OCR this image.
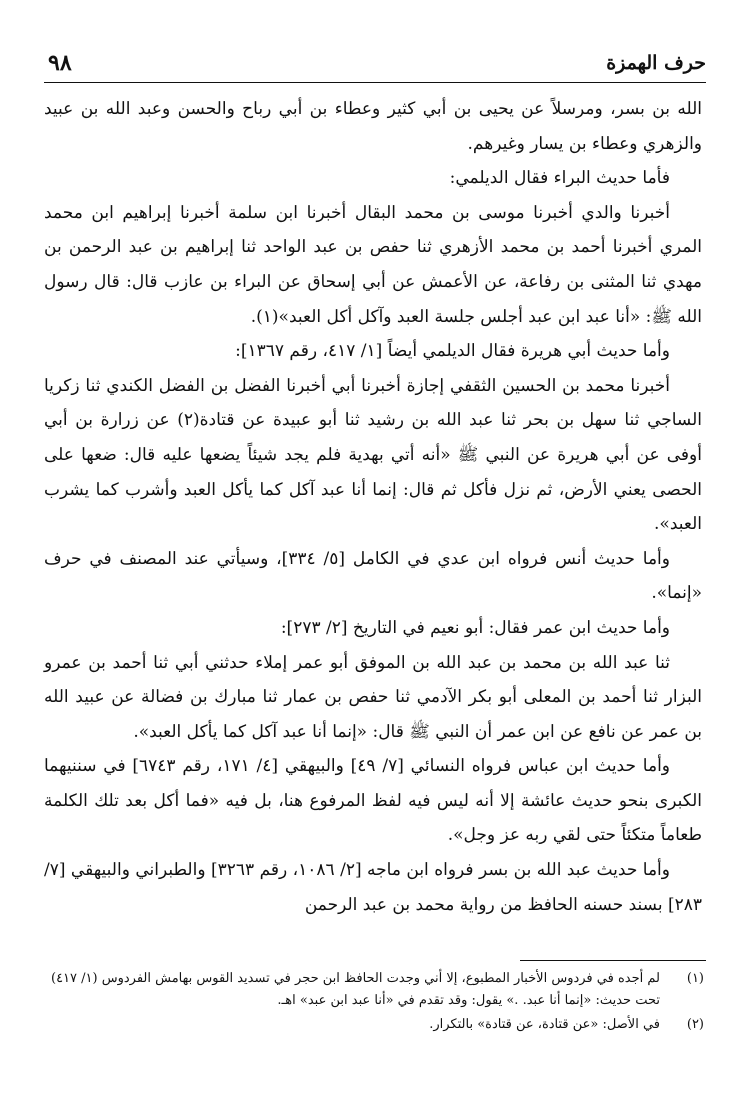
حرف الهمزة
٩٨

الله بن بسر، ومرسلاً عن يحيى بن أبي كثير وعطاء بن أبي رباح والحسن وعبد الله بن عبيد والزهري وعطاء بن يسار وغيرهم.

فأما حديث البراء فقال الديلمي:

أخبرنا والدي أخبرنا موسى بن محمد البقال أخبرنا ابن سلمة أخبرنا إبراهيم ابن محمد المري أخبرنا أحمد بن محمد الأزهري ثنا حفص بن عبد الواحد ثنا إبراهيم بن عبد الرحمن بن مهدي ثنا المثنى بن رفاعة، عن الأعمش عن أبي إسحاق عن البراء بن عازب قال: قال رسول الله ﷺ: «أنا عبد ابن عبد أجلس جلسة العبد وآكل أكل العبد»(١).

وأما حديث أبي هريرة فقال الديلمي أيضاً [١/ ٤١٧، رقم ١٣٦٧]:

أخبرنا محمد بن الحسين الثقفي إجازة أخبرنا أبي أخبرنا الفضل بن الفضل الكندي ثنا زكريا الساجي ثنا سهل بن بحر ثنا عبد الله بن رشيد ثنا أبو عبيدة عن قتادة(٢) عن زرارة بن أبي أوفى عن أبي هريرة عن النبي ﷺ «أنه أتي بهدية فلم يجد شيئاً يضعها عليه قال: ضعها على الحصى يعني الأرض، ثم نزل فأكل ثم قال: إنما أنا عبد آكل كما يأكل العبد وأشرب كما يشرب العبد».

وأما حديث أنس فرواه ابن عدي في الكامل [٥/ ٣٣٤]، وسيأتي عند المصنف في حرف «إنما».

وأما حديث ابن عمر فقال: أبو نعيم في التاريخ [٢/ ٢٧٣]:

ثنا عبد الله بن محمد بن عبد الله بن الموفق أبو عمر إملاء حدثني أبي ثنا أحمد بن عمرو البزار ثنا أحمد بن المعلى أبو بكر الآدمي ثنا حفص بن عمار ثنا مبارك بن فضالة عن عبيد الله بن عمر عن نافع عن ابن عمر أن النبي ﷺ قال: «إنما أنا عبد آكل كما يأكل العبد».

وأما حديث ابن عباس فرواه النسائي [٧/ ٤٩] والبيهقي [٤/ ١٧١، رقم ٦٧٤٣] في سننيهما الكبرى بنحو حديث عائشة إلا أنه ليس فيه لفظ المرفوع هنا، بل فيه «فما أكل بعد تلك الكلمة طعاماً متكئاً حتى لقي ربه عز وجل».

وأما حديث عبد الله بن بسر فرواه ابن ماجه [٢/ ١٠٨٦، رقم ٣٢٦٣] والطبراني والبيهقي [٧/ ٢٨٣] بسند حسنه الحافظ من رواية محمد بن عبد الرحمن

(١)
لم أجده في فردوس الأخبار المطبوع، إلا أني وجدت الحافظ ابن حجر في تسديد القوس بهامش الفردوس (١/ ٤١٧) تحت حديث: «إنما أنا عبد. .» يقول: وقد تقدم في «أنا عبد ابن عبد» اهـ.
(٢)
في الأصل: «عن قتادة، عن قتادة» بالتكرار.
